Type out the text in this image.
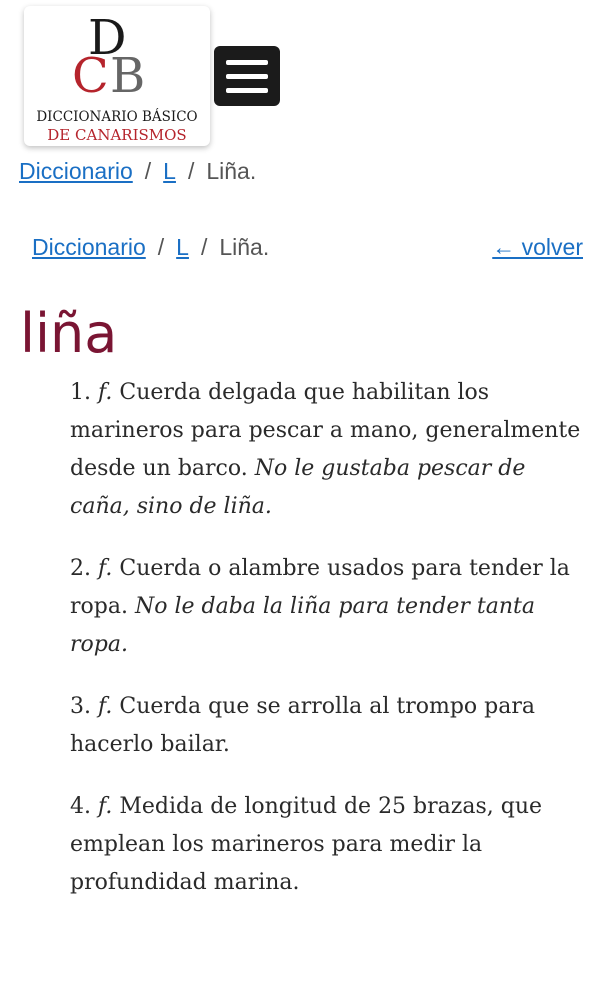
D
C B
DICCIONARIO BÁSICO
DE CANARISMOS
Diccionario / L / Liña.
Diccionario / L / Liña.	← volver
liña
1. f. Cuerda delgada que habilitan los marineros para pescar a mano, generalmente desde un barco. No le gustaba pescar de caña, sino de liña.
2. f. Cuerda o alambre usados para tender la ropa. No le daba la liña para tender tanta ropa.
3. f. Cuerda que se arrolla al trompo para hacerlo bailar.
4. f. Medida de longitud de 25 brazas, que emplean los marineros para medir la profundidad marina.
